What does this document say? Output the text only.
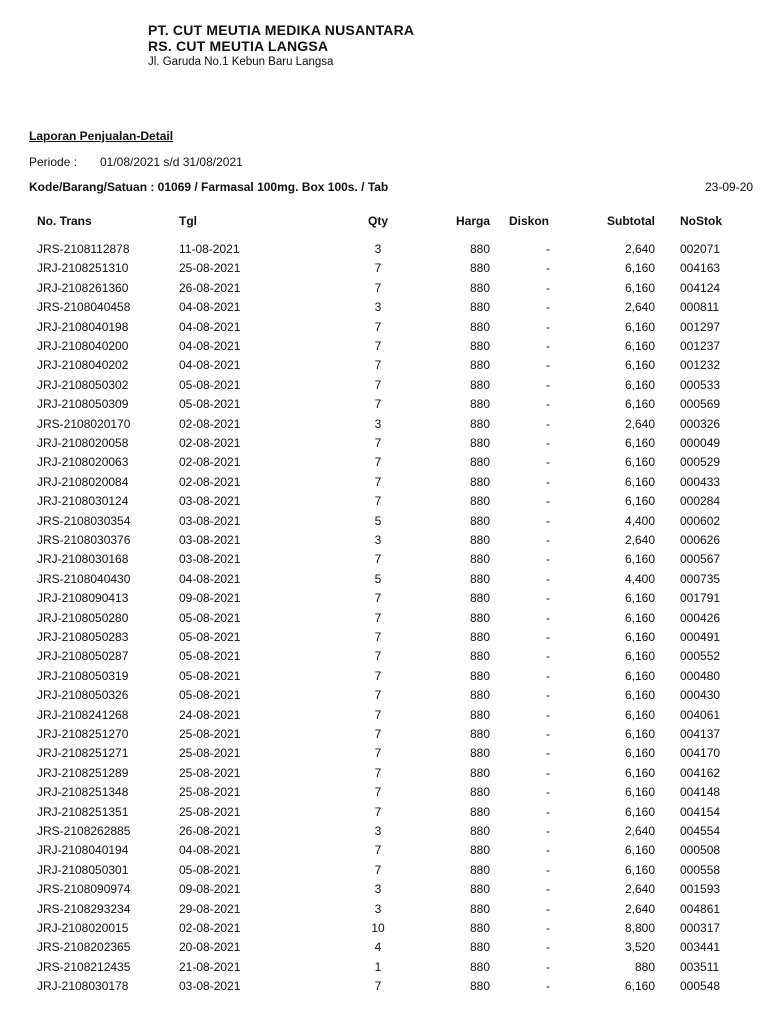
PT. CUT MEUTIA MEDIKA NUSANTARA
RS. CUT MEUTIA LANGSA
Jl. Garuda No.1 Kebun Baru Langsa
Laporan Penjualan-Detail
Periode : 01/08/2021 s/d 31/08/2021
Kode/Barang/Satuan : 01069 / Farmasal 100mg. Box 100s. / Tab	23-09-20
No. Trans	Tgl	Qty	Harga Diskon	Subtotal NoStok
JRS-2108112878	11-08-2021	3	880	-	2,640 002071
JRJ-2108251310	25-08-2021	7	880	-	6,160 004163
JRJ-2108261360	26-08-2021	7	880	-	6,160 004124
JRS-2108040458	04-08-2021	3	880	-	2,640 000811
JRJ-2108040198	04-08-2021	7	880	-	6,160 001297
JRJ-2108040200	04-08-2021	7	880	-	6,160 001237
JRJ-2108040202	04-08-2021	7	880	-	6,160 001232
JRJ-2108050302	05-08-2021	7	880	-	6,160 000533
JRJ-2108050309	05-08-2021	7	880	-	6,160 000569
JRS-2108020170	02-08-2021	3	880	-	2,640 000326
JRJ-2108020058	02-08-2021	7	880	-	6,160 000049
JRJ-2108020063	02-08-2021	7	880	-	6,160 000529
JRJ-2108020084	02-08-2021	7	880	-	6,160 000433
JRJ-2108030124	03-08-2021	7	880	-	6,160 000284
JRS-2108030354	03-08-2021	5	880	-	4,400 000602
JRS-2108030376	03-08-2021	3	880	-	2,640 000626
JRJ-2108030168	03-08-2021	7	880	-	6,160 000567
JRS-2108040430	04-08-2021	5	880	-	4,400 000735
JRJ-2108090413	09-08-2021	7	880	-	6,160 001791
JRJ-2108050280	05-08-2021	7	880	-	6,160 000426
JRJ-2108050283	05-08-2021	7	880	-	6,160 000491
JRJ-2108050287	05-08-2021	7	880	-	6,160 000552
JRJ-2108050319	05-08-2021	7	880	-	6,160 000480
JRJ-2108050326	05-08-2021	7	880	-	6,160 000430
JRJ-2108241268	24-08-2021	7	880	-	6,160 004061
JRJ-2108251270	25-08-2021	7	880	-	6,160 004137
JRJ-2108251271	25-08-2021	7	880	-	6,160 004170
JRJ-2108251289	25-08-2021	7	880	-	6,160 004162
JRJ-2108251348	25-08-2021	7	880	-	6,160 004148
JRJ-2108251351	25-08-2021	7	880	-	6,160 004154
JRS-2108262885	26-08-2021	3	880	-	2,640 004554
JRJ-2108040194	04-08-2021	7	880	-	6,160 000508
JRJ-2108050301	05-08-2021	7	880	-	6,160 000558
JRS-2108090974	09-08-2021	3	880	-	2,640 001593
JRS-2108293234	29-08-2021	3	880	-	2,640 004861
JRJ-2108020015	02-08-2021	10	880	-	8,800 000317
JRS-2108202365	20-08-2021	4	880	-	3,520 003441
JRS-2108212435	21-08-2021	1	880	-	880 003511
JRJ-2108030178	03-08-2021	7	880	-	6,160 000548
